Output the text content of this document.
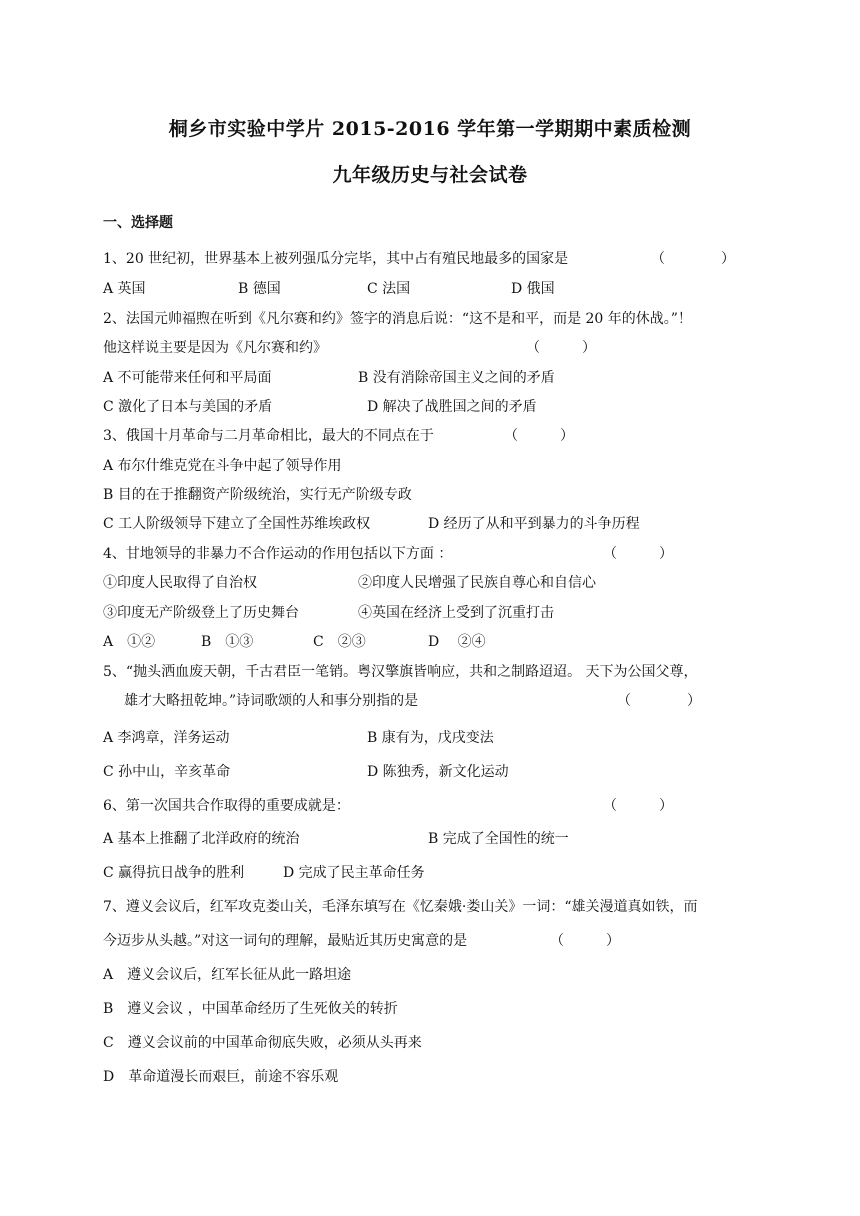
桐乡市实验中学片 2015-2016 学年第一学期期中素质检测
九年级历史与社会试卷
一、选择题
1、20 世纪初，世界基本上被列强瓜分完毕，其中占有殖民地最多的国家是	（　　　　）
A 英国	B 德国	C 法国	D 俄国
2、法国元帅福煦在听到《凡尔赛和约》签字的消息后说：“这不是和平，而是 20 年的休战。”！
他这样说主要是因为《凡尔赛和约》	（　　　）
A 不可能带来任何和平局面	B 没有消除帝国主义之间的矛盾
C 激化了日本与美国的矛盾	D 解决了战胜国之间的矛盾
3、俄国十月革命与二月革命相比，最大的不同点在于	（　　　）
A 布尔什维克党在斗争中起了领导作用
B 目的在于推翻资产阶级统治，实行无产阶级专政
C 工人阶级领导下建立了全国性苏维埃政权	D 经历了从和平到暴力的斗争历程
4、甘地领导的非暴力不合作运动的作用包括以下方面 ：	（　　　）
①印度人民取得了自治权	②印度人民增强了民族自尊心和自信心
③印度无产阶级登上了历史舞台	④英国在经济上受到了沉重打击
A　①②	B　①③	C　②③	D　 ②④
5、“抛头洒血废天朝，千古君臣一笔销。粤汉擎旗皆响应，共和之制路迢迢。 天下为公国父尊，
雄才大略扭乾坤。”诗词歌颂的人和事分别指的是	（　　　　）
A 李鸿章，洋务运动	B 康有为，戊戌变法
C 孙中山，辛亥革命	D 陈独秀，新文化运动
6、第一次国共合作取得的重要成就是：	（　　　）
A 基本上推翻了北洋政府的统治	B 完成了全国性的统一
C 赢得抗日战争的胜利	D 完成了民主革命任务
7、遵义会议后，红军攻克娄山关，毛泽东填写在《忆秦娥·娄山关》一词：“雄关漫道真如铁，而
今迈步从头越。”对这一词句的理解，最贴近其历史寓意的是	（　　　）
A　遵义会议后，红军长征从此一路坦途
B　遵义会议 ，中国革命经历了生死攸关的转折
C　遵义会议前的中国革命彻底失败，必须从头再来
D　革命道漫长而艰巨，前途不容乐观
